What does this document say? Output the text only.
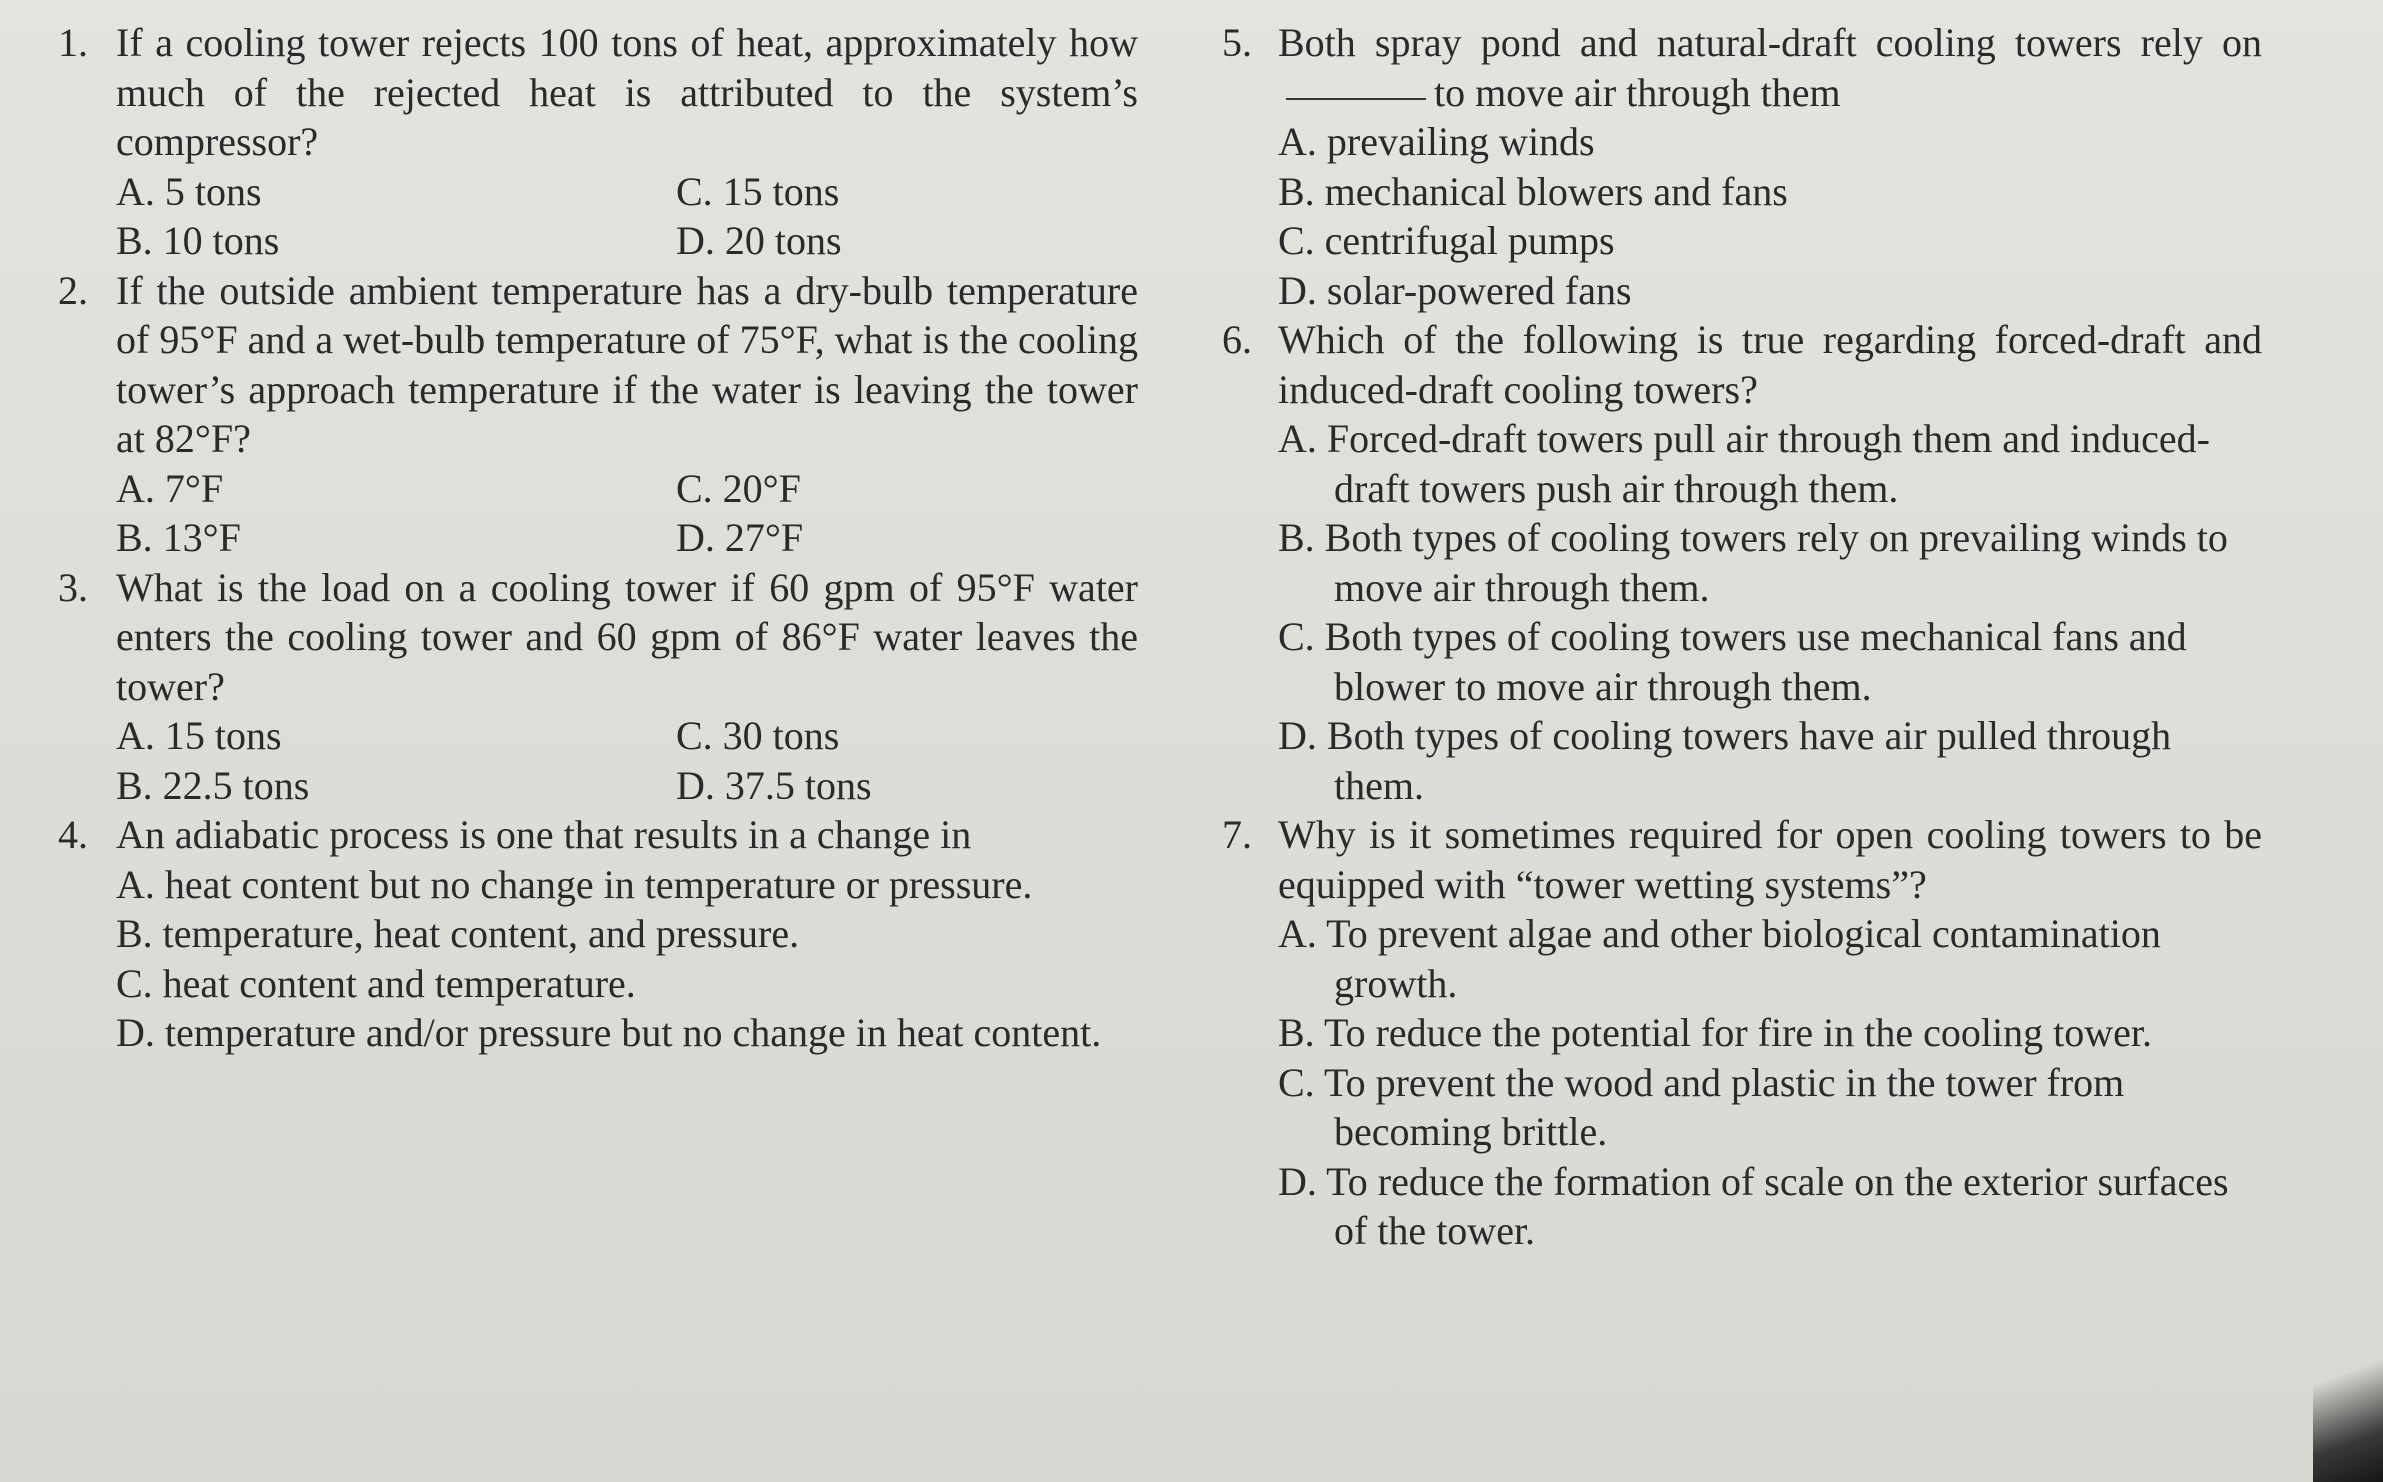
1. If a cooling tower rejects 100 tons of heat, approximately how much of the rejected heat is attributed to the system’s compressor?
A. 5 tons	C. 15 tons
B. 10 tons	D. 20 tons
2. If the outside ambient temperature has a dry-bulb temperature of 95°F and a wet-bulb temperature of 75°F, what is the cooling tower’s approach temperature if the water is leaving the tower at 82°F?
A. 7°F	C. 20°F
B. 13°F	D. 27°F
3. What is the load on a cooling tower if 60 gpm of 95°F water enters the cooling tower and 60 gpm of 86°F water leaves the tower?
A. 15 tons	C. 30 tons
B. 22.5 tons	D. 37.5 tons
4. An adiabatic process is one that results in a change in
A. heat content but no change in temperature or pressure.
B. temperature, heat content, and pressure.
C. heat content and temperature.
D. temperature and/or pressure but no change in heat content.
5. Both spray pond and natural-draft cooling towers rely onto move air through them
A. prevailing winds
B. mechanical blowers and fans
C. centrifugal pumps
D. solar-powered fans
6. Which of the following is true regarding forced-draft and induced-draft cooling towers?
A. Forced-draft towers pull air through them and induced-draft towers push air through them.
B. Both types of cooling towers rely on prevailing winds to move air through them.
C. Both types of cooling towers use mechanical fans and blower to move air through them.
D. Both types of cooling towers have air pulled through them.
7. Why is it sometimes required for open cooling towers to be equipped with “tower wetting systems”?
A. To prevent algae and other biological contamination growth.
B. To reduce the potential for fire in the cooling tower.
C. To prevent the wood and plastic in the tower from becoming brittle.
D. To reduce the formation of scale on the exterior surfaces of the tower.
